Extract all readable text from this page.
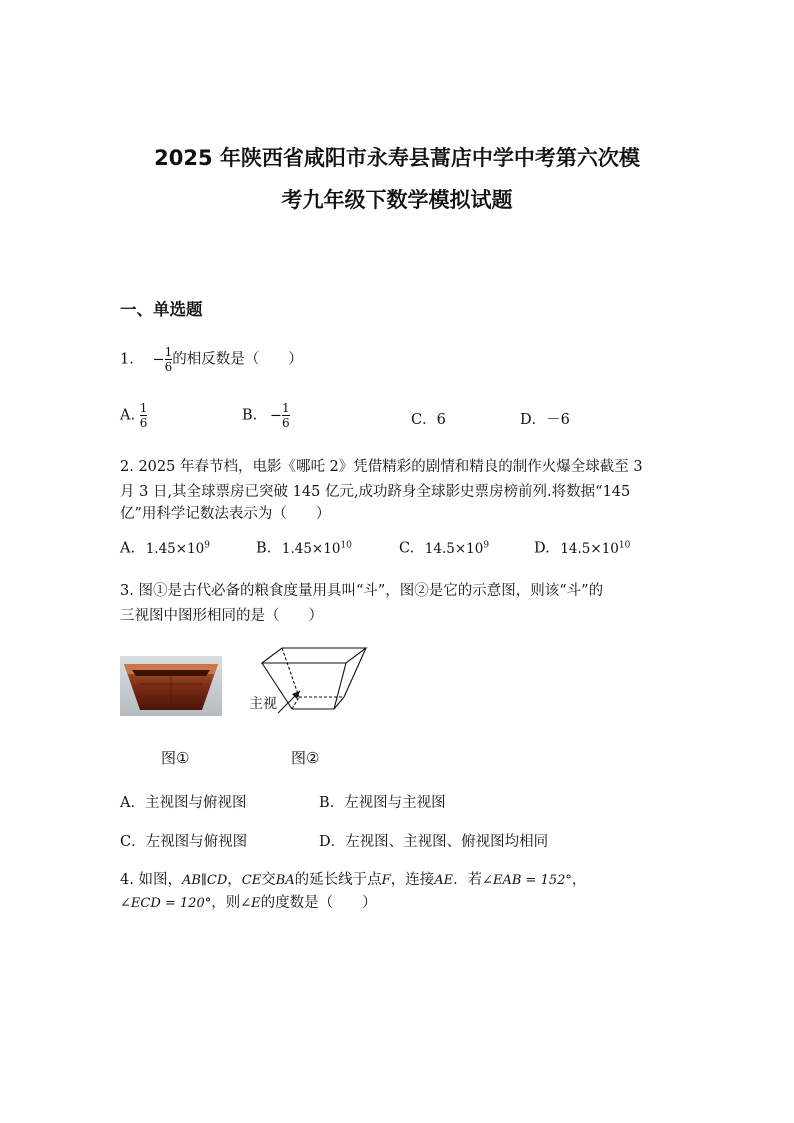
2025 年陕西省咸阳市永寿县蒿店中学中考第六次模
考九年级下数学模拟试题
一、单选题
1. − $\frac{1}{6}$ 的相反数是（　　）
A. $\frac{1}{6}$	B. − $\frac{1}{6}$	C．6	D．－6
2. 2025 年春节档，电影《哪吒 2》凭借精彩的剧情和精良的制作火爆全球截至 3
月 3 日,其全球票房已突破 145 亿元,成功跻身全球影史票房榜前列.将数据“145
亿”用科学记数法表示为（　　）
A. $1.45\times 10^9$	B. $1.45\times 10^{10}$	C. $14.5\times 10^9$	D. $14.5\times 10^{10}$
3. 图①是古代必备的粮食度量用具叫“斗”，图②是它的示意图，则该“斗”的
三视图中图形相同的是（　　）
主视
图①	图②
A．主视图与俯视图	B．左视图与主视图
C．左视图与俯视图	D．左视图、主视图、俯视图均相同
4. 如图，AB∥CD，CE交BA的延长线于点F，连接AE．若∠EAB = 152°，
∠ECD = 120°，则∠E的度数是（　　）
